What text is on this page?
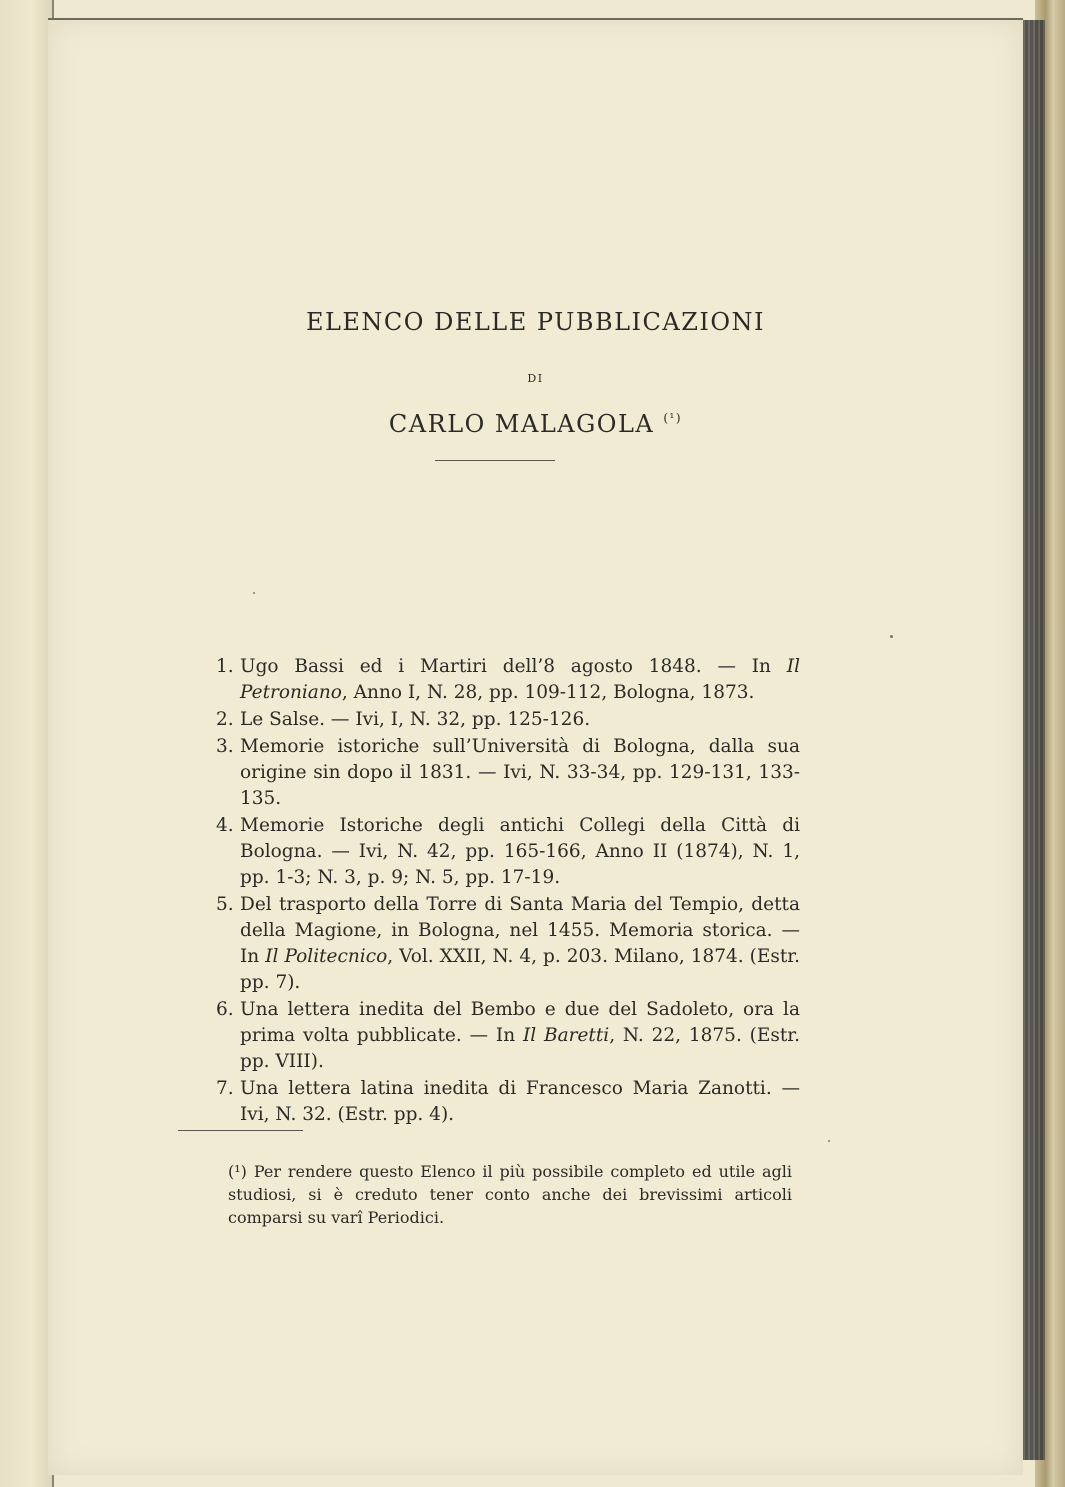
ELENCO DELLE PUBBLICAZIONI
DI
CARLO MALAGOLA $^{(^1)}$

1. Ugo Bassi ed i Martiri dell’8 agosto 1848. — In Il Petroniano, Anno I, N. 28, pp. 109-112, Bologna, 1873.

2. Le Salse. — Ivi, I, N. 32, pp. 125-126.

3. Memorie istoriche sull’Università di Bologna, dalla sua origine sin dopo il 1831. — Ivi, N. 33-34, pp. 129-131, 133-135.

4. Memorie Istoriche degli antichi Collegi della Città di Bologna. — Ivi, N. 42, pp. 165-166, Anno II (1874), N. 1, pp. 1-3; N. 3, p. 9; N. 5, pp. 17-19.

5. Del trasporto della Torre di Santa Maria del Tempio, detta della Magione, in Bologna, nel 1455. Memoria storica. — In Il Politecnico, Vol. XXII, N. 4, p. 203. Milano, 1874. (Estr. pp. 7).

6. Una lettera inedita del Bembo e due del Sadoleto, ora la prima volta pubblicate. — In Il Baretti, N. 22, 1875. (Estr. pp. VIII).

7. Una lettera latina inedita di Francesco Maria Zanotti. — Ivi, N. 32. (Estr. pp. 4).

(¹) Per rendere questo Elenco il più possibile completo ed utile agli studiosi, si è creduto tener conto anche dei brevissimi articoli comparsi su varî Periodici.
